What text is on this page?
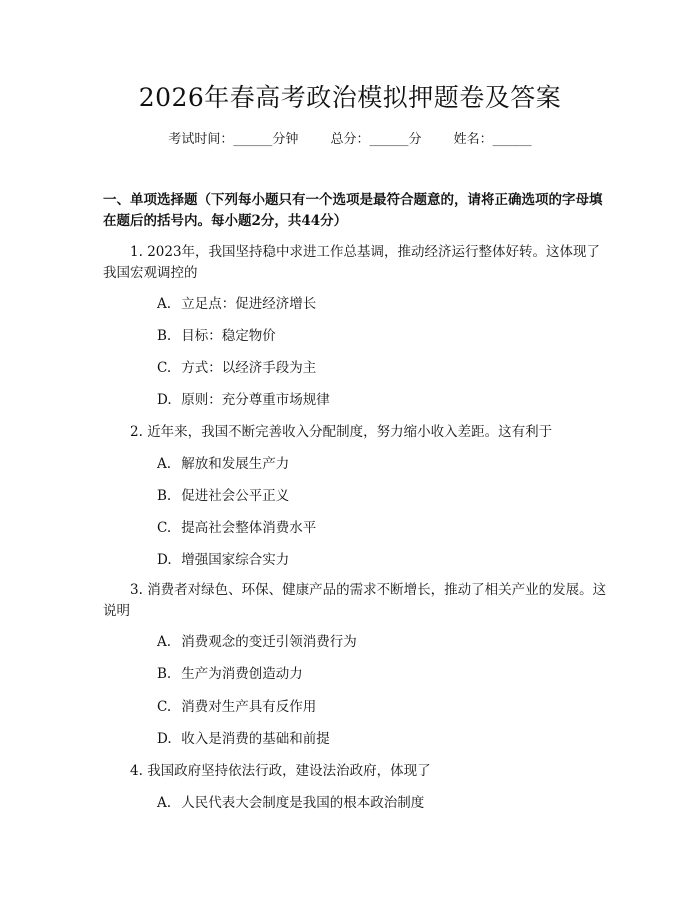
2026年春高考政治模拟押题卷及答案
考试时间：______分钟 总分：______分 姓名：______
一、单项选择题（下列每小题只有一个选项是最符合题意的，请将正确选项的字母填在题后的括号内。每小题2分，共44分）
1. 2023年，我国坚持稳中求进工作总基调，推动经济运行整体好转。这体现了我国宏观调控的
A. 立足点：促进经济增长
B. 目标：稳定物价
C. 方式：以经济手段为主
D. 原则：充分尊重市场规律
2. 近年来，我国不断完善收入分配制度，努力缩小收入差距。这有利于
A. 解放和发展生产力
B. 促进社会公平正义
C. 提高社会整体消费水平
D. 增强国家综合实力
3. 消费者对绿色、环保、健康产品的需求不断增长，推动了相关产业的发展。这说明
A. 消费观念的变迁引领消费行为
B. 生产为消费创造动力
C. 消费对生产具有反作用
D. 收入是消费的基础和前提
4. 我国政府坚持依法行政，建设法治政府，体现了
A. 人民代表大会制度是我国的根本政治制度
